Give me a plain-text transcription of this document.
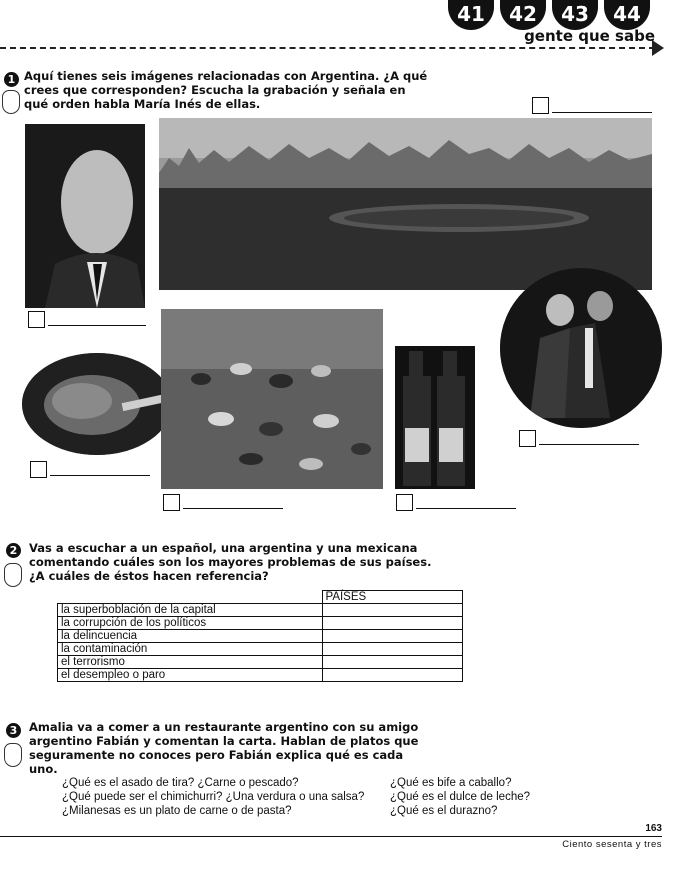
41	42	43	44
gente que sabe
1 Aquí tienes seis imágenes relacionadas con Argentina. ¿A qué crees que corresponden? Escucha la grabación y señala en qué orden habla María Inés de ellas.
2	Vas a escuchar a un español, una argentina y una mexicana comentando cuáles son los mayores problemas de sus países. ¿A cuáles de éstos hacen referencia?
	PAÍSES
la superboblación de la capital	
la corrupción de los políticos	
la delincuencia	
la contaminación	
el terrorismo	
el desempleo o paro	
3	Amalia va a comer a un restaurante argentino con su amigo argentino Fabián y comentan la carta. Hablan de platos que seguramente no conoces pero Fabián explica qué es cada uno.
¿Qué es el asado de tira? ¿Carne o pescado?
¿Qué puede ser el chimichurri? ¿Una verdura o una salsa?
¿Milanesas es un plato de carne o de pasta?
¿Qué es bife a caballo?
¿Qué es el dulce de leche?
¿Qué es el durazno?
163
Ciento sesenta y tres
